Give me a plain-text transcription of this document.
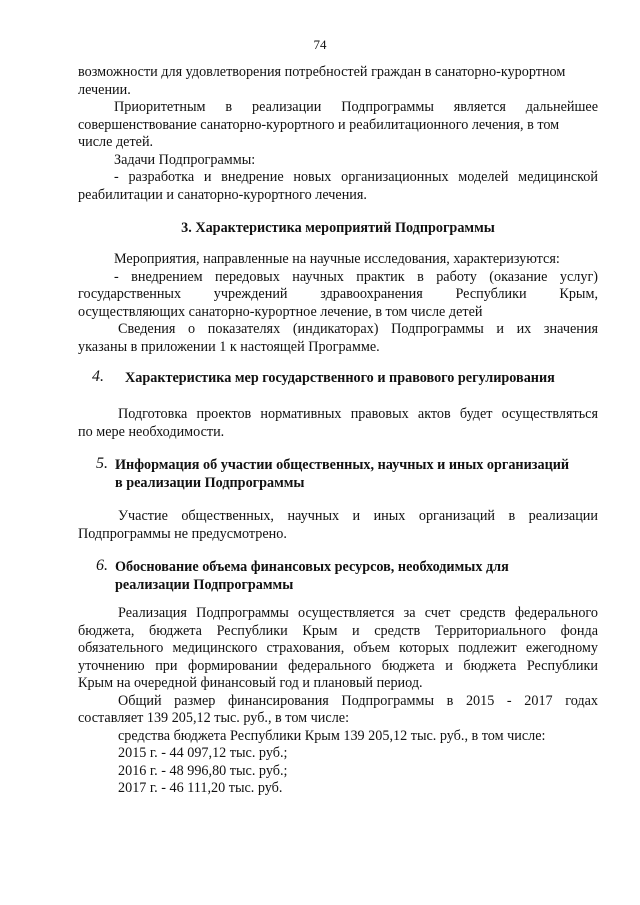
74

возможности для удовлетворения потребностей граждан в санаторно-курортном

лечении.

Приоритетным в реализации Подпрограммы является дальнейшее

совершенствование санаторно-курортного и реабилитационного лечения, в том

числе детей.

Задачи Подпрограммы:

- разработка и внедрение новых организационных моделей медицинской

реабилитации и санаторно-курортного лечения.

3. Характеристика мероприятий Подпрограммы

Мероприятия, направленные на научные исследования, характеризуются:

- внедрением передовых научных практик в работу (оказание услуг)

государственных учреждений здравоохранения Республики Крым,

осуществляющих санаторно-курортное лечение, в том числе детей

Сведения о показателях (индикаторах) Подпрограммы и их значения

указаны в приложении 1 к настоящей Программе.

4. Характеристика мер государственного и правового регулирования

Подготовка проектов нормативных правовых актов будет осуществляться

по мере необходимости.

5. Информация об участии общественных, научных и иных организаций
в реализации Подпрограммы

Участие общественных, научных и иных организаций в реализации

Подпрограммы не предусмотрено.

6. Обоснование объема финансовых ресурсов, необходимых для
реализации Подпрограммы

Реализация Подпрограммы осуществляется за счет средств федерального

бюджета, бюджета Республики Крым и средств Территориального фонда

обязательного медицинского страхования, объем которых подлежит ежегодному

уточнению при формировании федерального бюджета и бюджета Республики

Крым на очередной финансовый год и плановый период.

Общий размер финансирования Подпрограммы в 2015 - 2017 годах

составляет 139 205,12 тыс. руб., в том числе:

средства бюджета Республики Крым 139 205,12 тыс. руб., в том числе:

2015 г. - 44 097,12 тыс. руб.;

2016 г. - 48 996,80 тыс. руб.;

2017 г. - 46 111,20 тыс. руб.
